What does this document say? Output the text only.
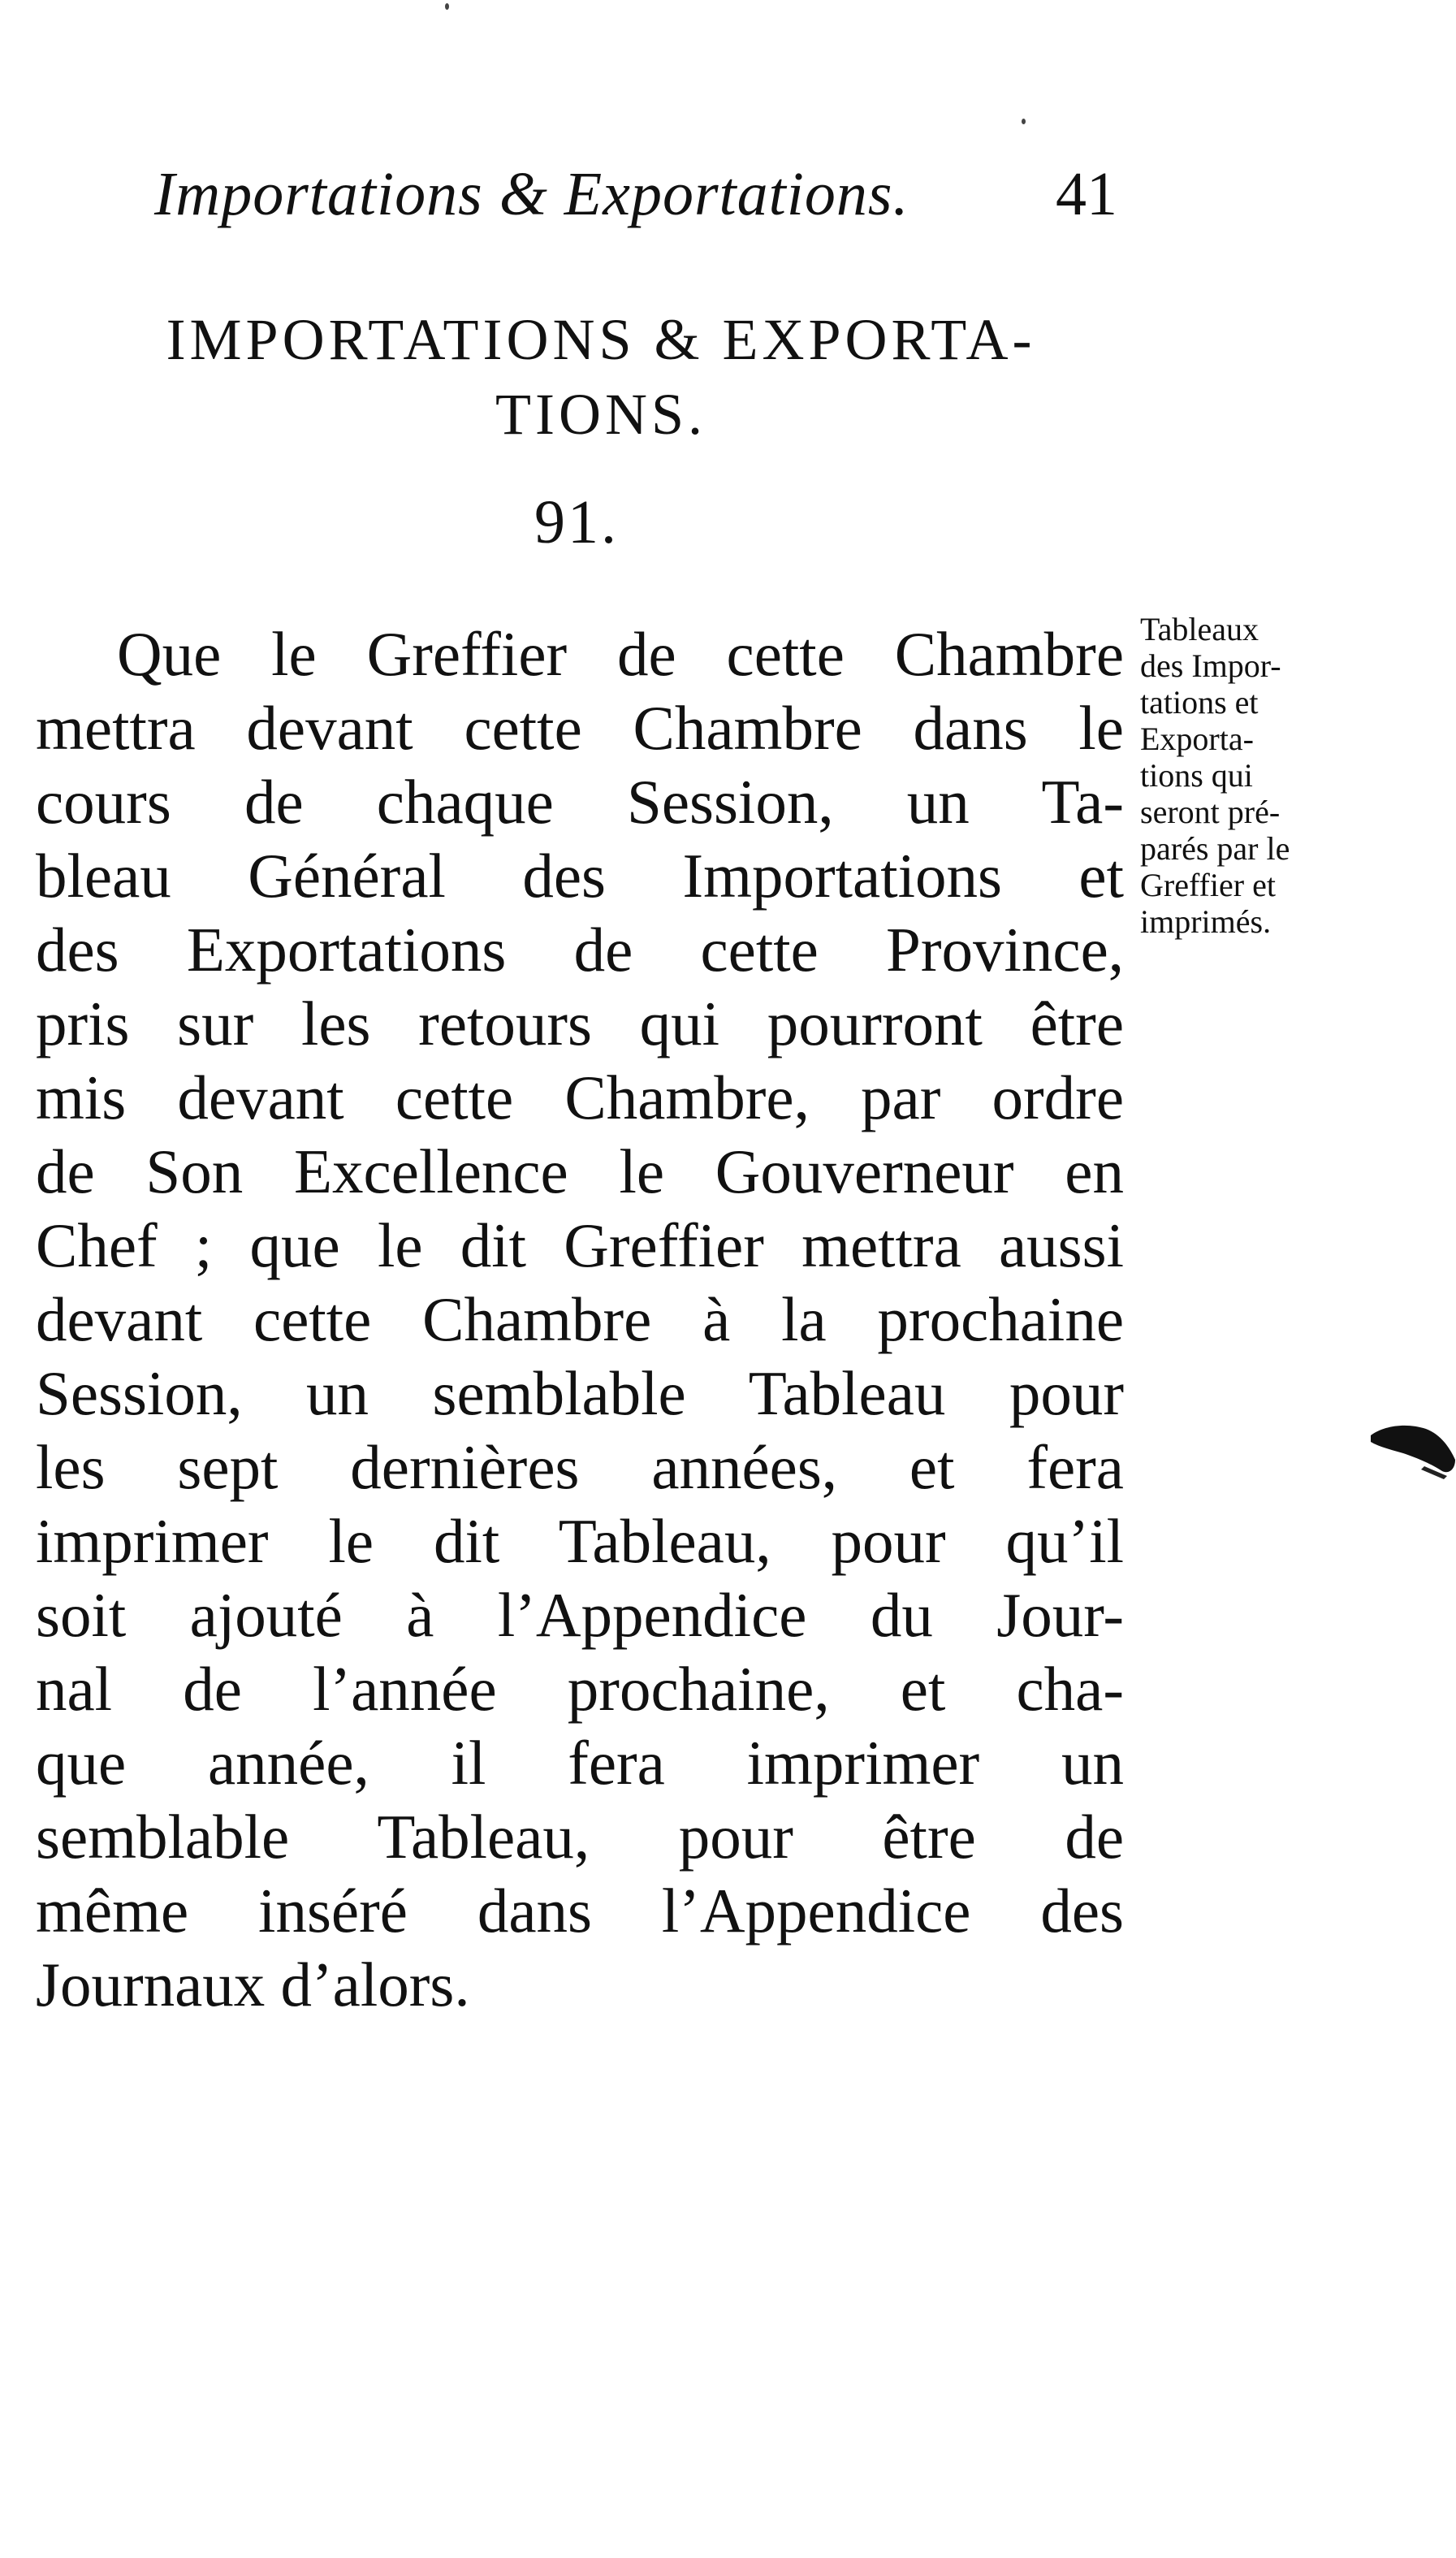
Importations & Exportations. 41
IMPORTATIONS & EXPORTA-
TIONS.
91.
Que le Greffier de cette Chambre
mettra devant cette Chambre dans le
cours de chaque Session, un Ta-
bleau Général des Importations et
des Exportations de cette Province,
pris sur les retours qui pourront être
mis devant cette Chambre, par ordre
de Son Excellence le Gouverneur en
Chef ; que le dit Greffier mettra aussi
devant cette Chambre à la prochaine
Session, un semblable Tableau pour
les sept dernières années, et fera
imprimer le dit Tableau, pour qu’il
soit ajouté à l’Appendice du Jour-
nal de l’année prochaine, et cha-
que année, il fera imprimer un
semblable Tableau, pour être de
même inséré dans l’Appendice des
Journaux d’alors.
Tableaux
des Impor-
tations et
Exporta-
tions qui
seront pré-
parés par le
Greffier et
imprimés.
